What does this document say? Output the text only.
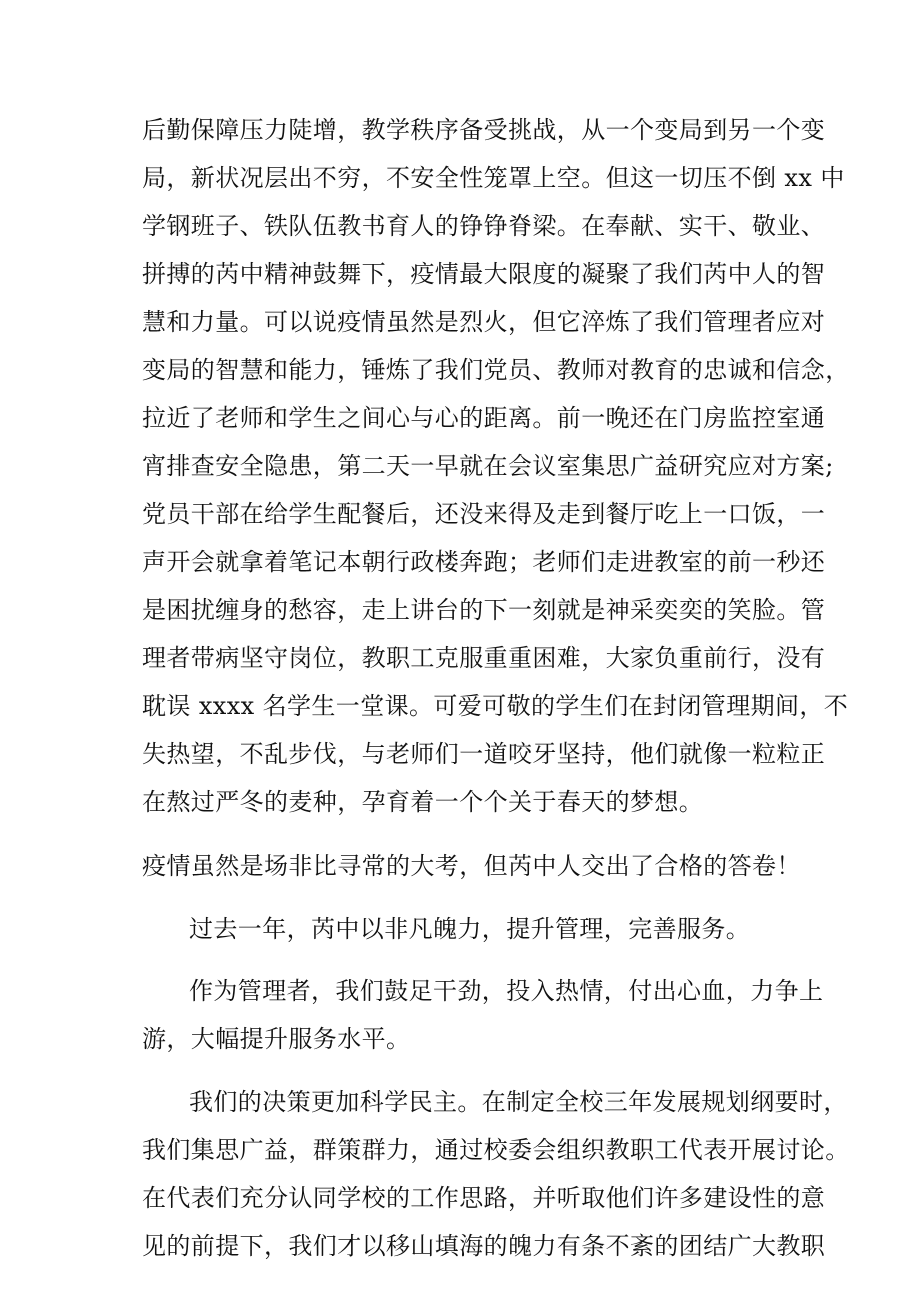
后勤保障压力陡增，教学秩序备受挑战，从一个变局到另一个变

局，新状况层出不穷，不安全性笼罩上空。但这一切压不倒 xx 中

学钢班子、铁队伍教书育人的铮铮脊梁。在奉献、实干、敬业、

拼搏的芮中精神鼓舞下，疫情最大限度的凝聚了我们芮中人的智

慧和力量。可以说疫情虽然是烈火，但它淬炼了我们管理者应对

变局的智慧和能力，锤炼了我们党员、教师对教育的忠诚和信念，

拉近了老师和学生之间心与心的距离。前一晚还在门房监控室通

宵排查安全隐患，第二天一早就在会议室集思广益研究应对方案;

党员干部在给学生配餐后，还没来得及走到餐厅吃上一口饭，一

声开会就拿着笔记本朝行政楼奔跑；老师们走进教室的前一秒还

是困扰缠身的愁容，走上讲台的下一刻就是神采奕奕的笑脸。管

理者带病坚守岗位，教职工克服重重困难，大家负重前行，没有

耽误 xxxx 名学生一堂课。可爱可敬的学生们在封闭管理期间，不

失热望，不乱步伐，与老师们一道咬牙坚持，他们就像一粒粒正

在熬过严冬的麦种，孕育着一个个关于春天的梦想。

疫情虽然是场非比寻常的大考，但芮中人交出了合格的答卷！

过去一年，芮中以非凡魄力，提升管理，完善服务。

作为管理者，我们鼓足干劲，投入热情，付出心血，力争上

游，大幅提升服务水平。

我们的决策更加科学民主。在制定全校三年发展规划纲要时，

我们集思广益，群策群力，通过校委会组织教职工代表开展讨论。

在代表们充分认同学校的工作思路，并听取他们许多建设性的意

见的前提下，我们才以移山填海的魄力有条不紊的团结广大教职
